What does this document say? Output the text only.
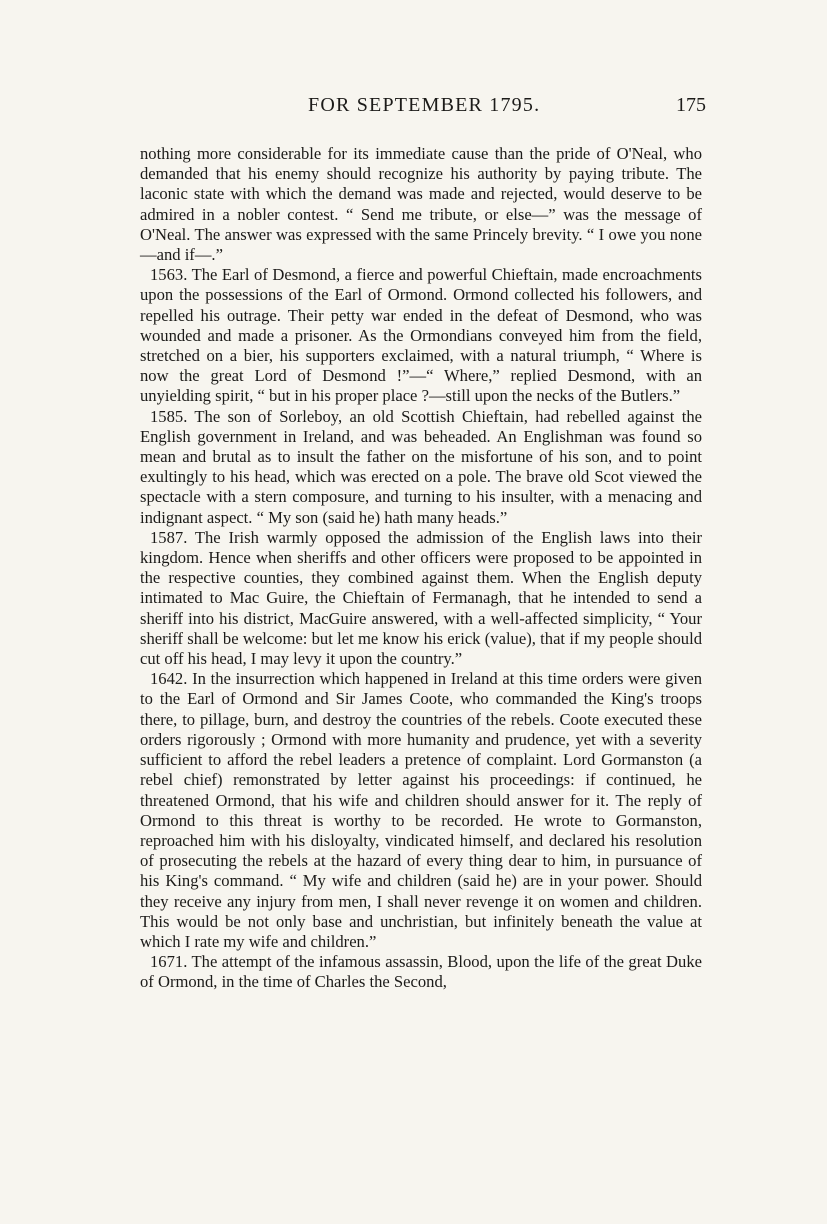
FOR SEPTEMBER 1795.	175

nothing more considerable for its immediate cause than the pride of O'Neal, who demanded that his enemy should recognize his authority by paying tribute. The laconic state with which the demand was made and rejected, would deserve to be admired in a nobler contest. “ Send me tribute, or else—” was the message of O'Neal. The answer was expressed with the same Princely brevity. “ I owe you none—and if—.”

1563. The Earl of Desmond, a fierce and powerful Chieftain, made encroachments upon the possessions of the Earl of Ormond. Ormond collected his followers, and repelled his outrage. Their petty war ended in the defeat of Desmond, who was wounded and made a prisoner. As the Ormondians conveyed him from the field, stretched on a bier, his supporters exclaimed, with a natural triumph, “ Where is now the great Lord of Desmond !”—“ Where,” replied Desmond, with an unyielding spirit, “ but in his proper place ?—still upon the necks of the Butlers.”

1585. The son of Sorleboy, an old Scottish Chieftain, had rebelled against the English government in Ireland, and was beheaded. An Englishman was found so mean and brutal as to insult the father on the misfortune of his son, and to point exultingly to his head, which was erected on a pole. The brave old Scot viewed the spectacle with a stern composure, and turning to his insulter, with a menacing and indignant aspect. “ My son (said he) hath many heads.”

1587. The Irish warmly opposed the admission of the English laws into their kingdom. Hence when sheriffs and other officers were proposed to be appointed in the respective counties, they combined against them. When the English deputy intimated to Mac Guire, the Chieftain of Fermanagh, that he intended to send a sheriff into his district, MacGuire answered, with a well-affected simplicity, “ Your sheriff shall be welcome: but let me know his erick (value), that if my people should cut off his head, I may levy it upon the country.”

1642. In the insurrection which happened in Ireland at this time orders were given to the Earl of Ormond and Sir James Coote, who commanded the King's troops there, to pillage, burn, and destroy the countries of the rebels. Coote executed these orders rigorously ; Ormond with more humanity and prudence, yet with a severity sufficient to afford the rebel leaders a pretence of complaint. Lord Gormanston (a rebel chief) remonstrated by letter against his proceedings: if continued, he threatened Ormond, that his wife and children should answer for it. The reply of Ormond to this threat is worthy to be recorded. He wrote to Gormanston, reproached him with his disloyalty, vindicated himself, and declared his resolution of prosecuting the rebels at the hazard of every thing dear to him, in pursuance of his King's command. “ My wife and children (said he) are in your power. Should they receive any injury from men, I shall never revenge it on women and children. This would be not only base and unchristian, but infinitely beneath the value at which I rate my wife and children.”

1671. The attempt of the infamous assassin, Blood, upon the life of the great Duke of Ormond, in the time of Charles the Second,
